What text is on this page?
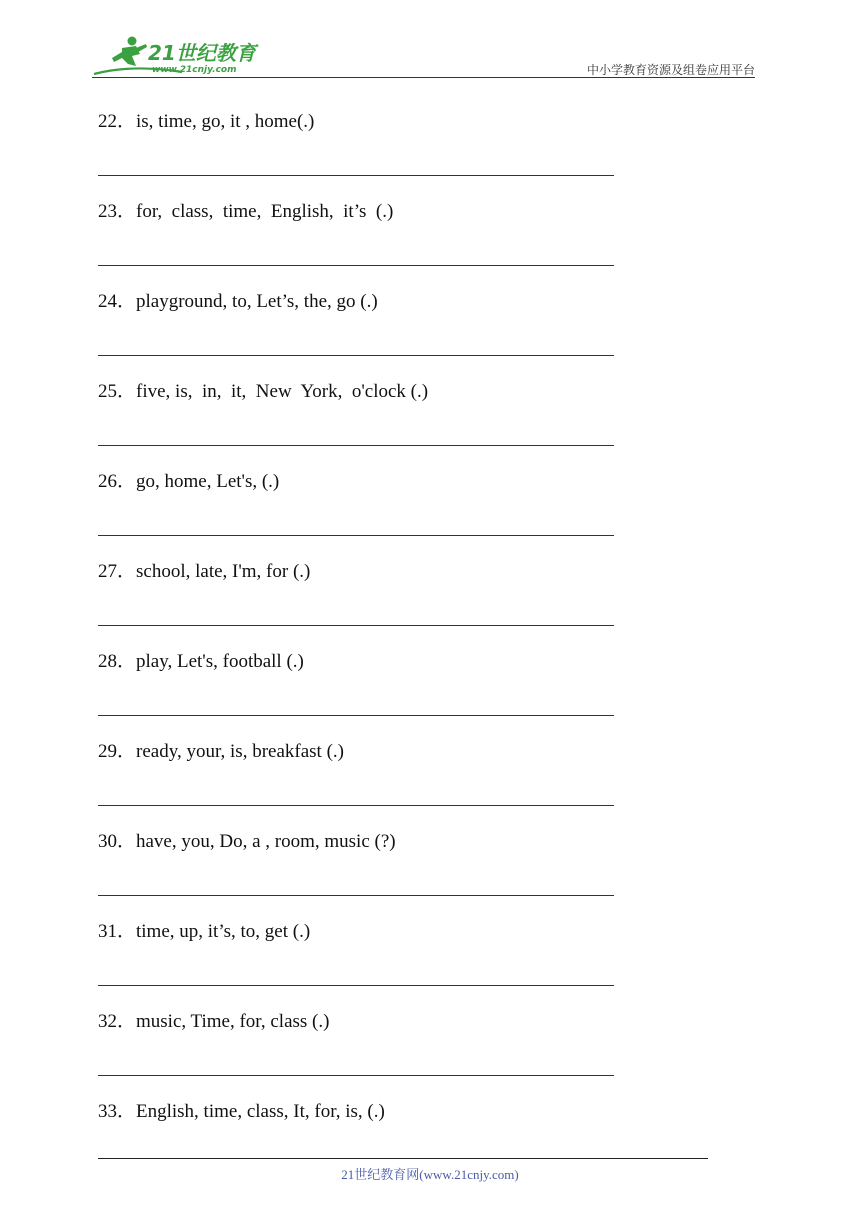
21世纪教育
www.21cnjy.com	中小学教育资源及组卷应用平台
22．is, time, go, it , home(.)
23．for,  class,  time,  English,  it’s  (.)
24．playground, to, Let’s, the, go (.)
25．five, is,  in,  it,  New  York,  o'clock (.)
26．go, home, Let's, (.)
27．school, late, I'm, for (.)
28．play, Let's, football (.)
29．ready, your, is, breakfast (.)
30．have, you, Do, a , room, music (?)
31．time, up, it’s, to, get (.)
32．music, Time, for, class (.)
33．English, time, class, It, for, is, (.)
21世纪教育网(www.21cnjy.com)
